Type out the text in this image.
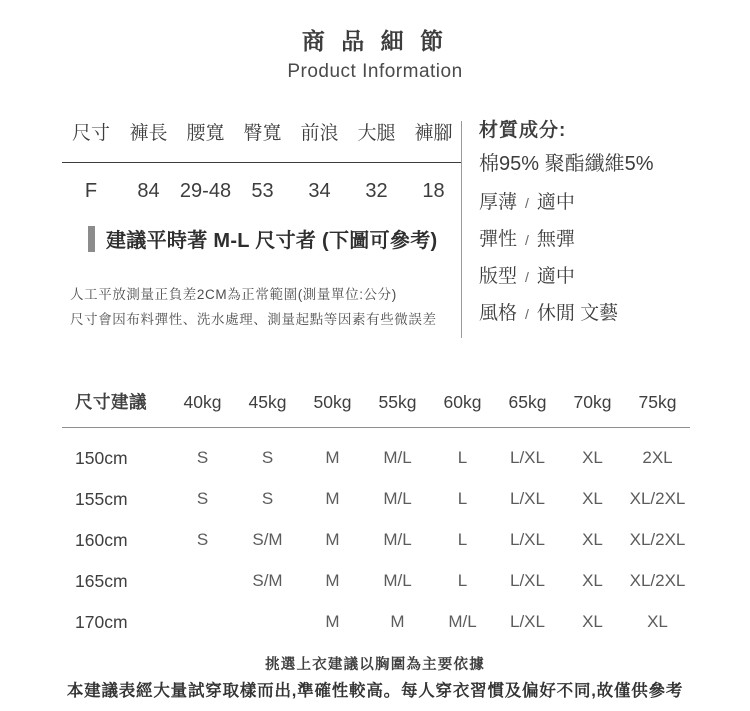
商 品 細 節
Product Information
尺寸	褲長	腰寬	臀寬	前浪	大腿	褲腳
F	84	29-48	53	34	32	18
建議平時著 M-L 尺寸者 (下圖可參考)

人工平放測量正負差2CM為正常範圍(測量單位:公分)

尺寸會因布料彈性、洗水處理、測量起點等因素有些微誤差

材質成分:
棉95% 聚酯纖維5%
厚薄 / 適中
彈性 / 無彈
版型 / 適中
風格 / 休閒 文藝
尺寸建議	40kg	45kg	50kg	55kg	60kg	65kg	70kg	75kg
150cm	S	S	M	M/L	L	L/XL	XL	2XL
155cm	S	S	M	M/L	L	L/XL	XL	XL/2XL
160cm	S	S/M	M	M/L	L	L/XL	XL	XL/2XL
165cm		S/M	M	M/L	L	L/XL	XL	XL/2XL
170cm			M	M	M/L	L/XL	XL	XL

挑選上衣建議以胸圍為主要依據

本建議表經大量試穿取樣而出,準確性較高。每人穿衣習慣及偏好不同,故僅供參考
